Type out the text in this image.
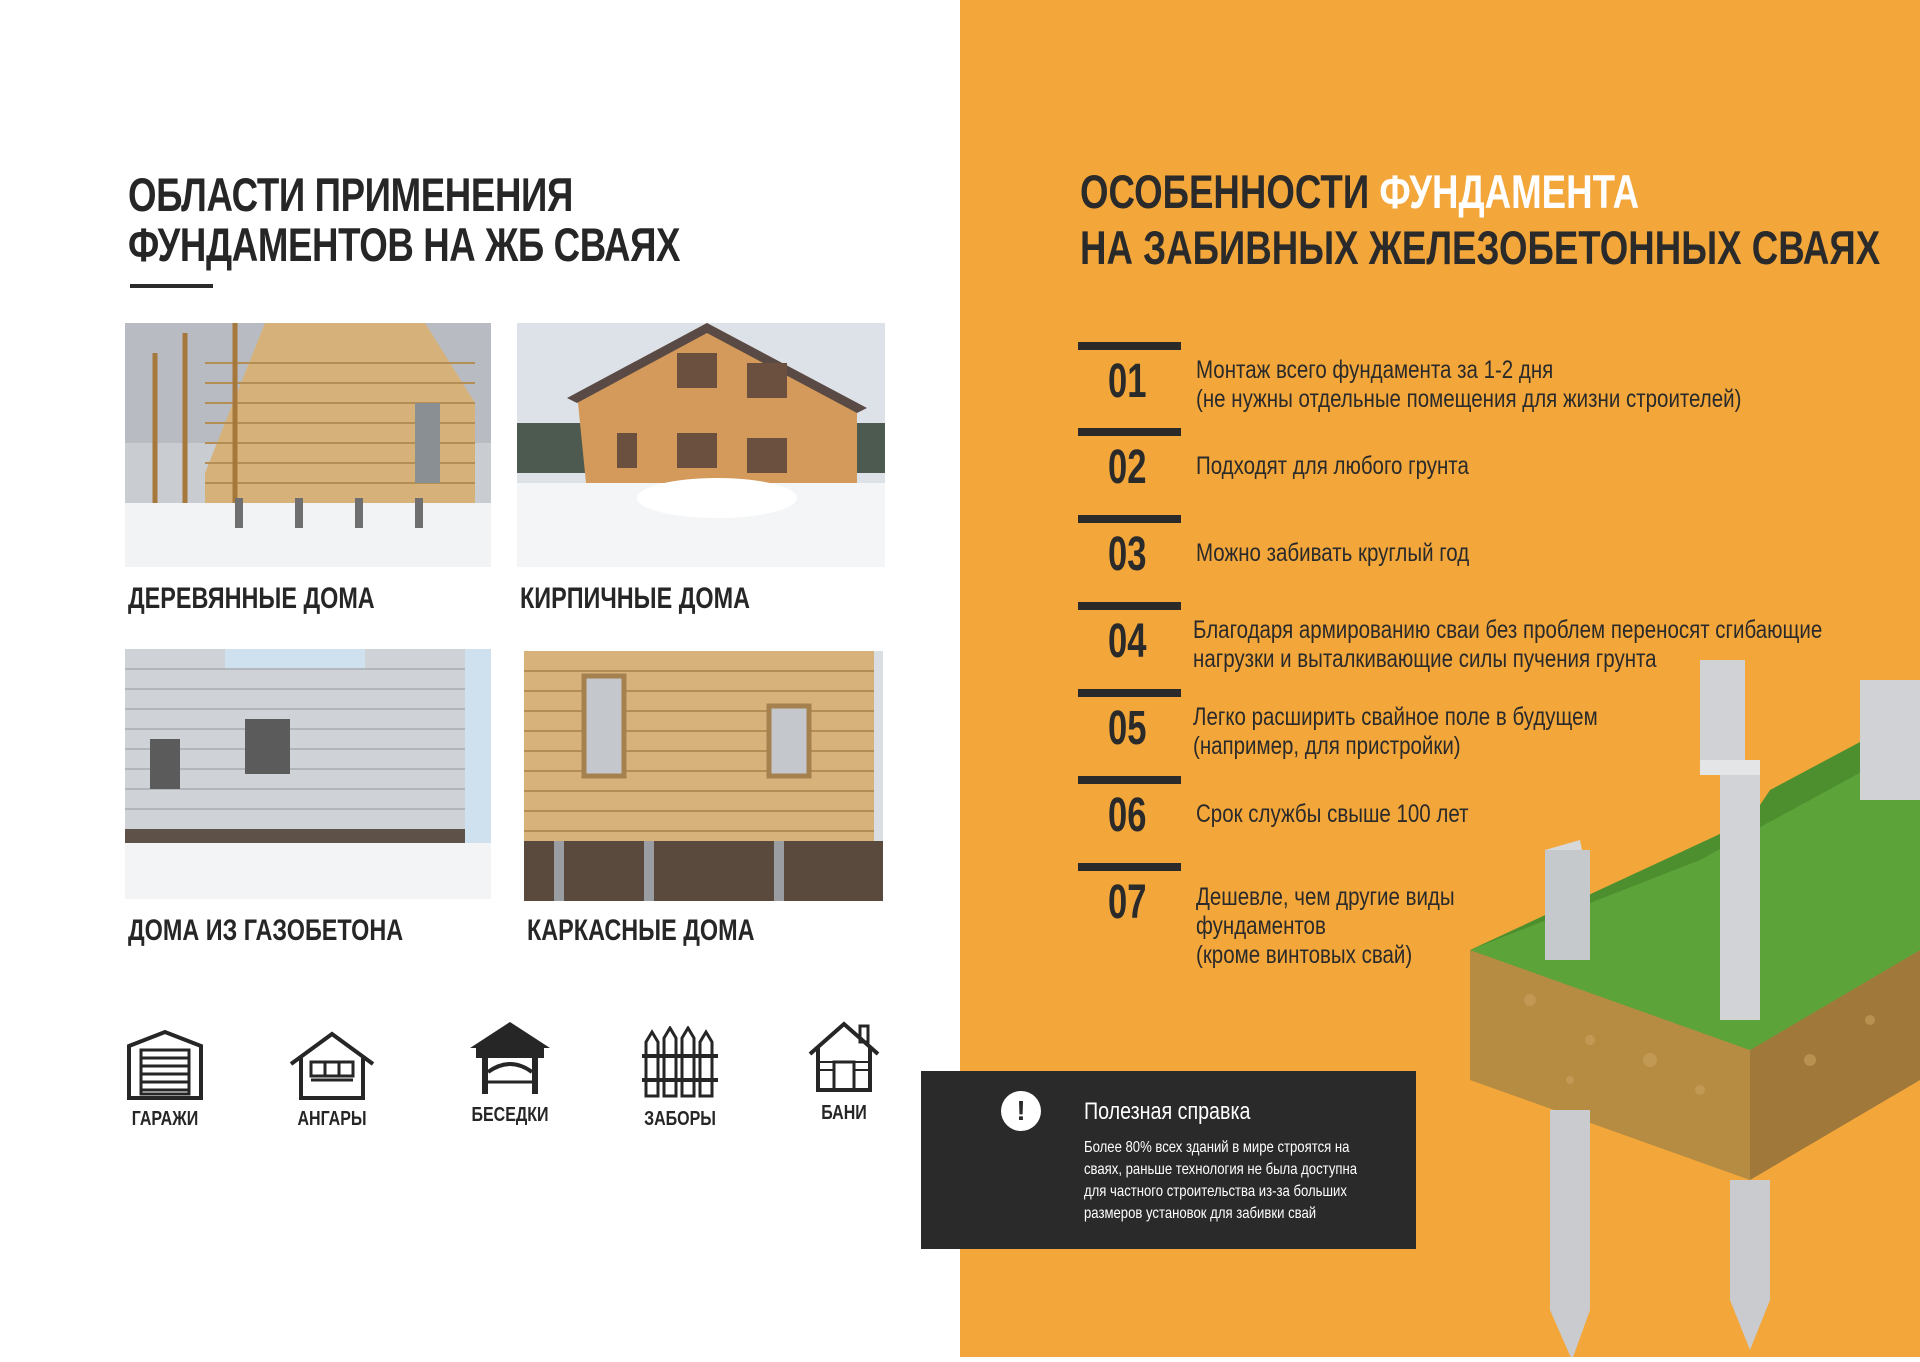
ОБЛАСТИ ПРИМЕНЕНИЯ
ФУНДАМЕНТОВ НА ЖБ СВАЯХ
ДЕРЕВЯННЫЕ ДОМА	КИРПИЧНЫЕ ДОМА
ДОМА ИЗ ГАЗОБЕТОНА	КАРКАСНЫЕ ДОМА
ГАРАЖИ	АНГАРЫ	БЕСЕДКИ	ЗАБОРЫ	БАНИ
ОСОБЕННОСТИ ФУНДАМЕНТА
НА ЗАБИВНЫХ ЖЕЛЕЗОБЕТОННЫХ СВАЯХ
01 Монтаж всего фундамента за 1-2 дня
(не нужны отдельные помещения для жизни строителей)
02 Подходят для любого грунта
03 Можно забивать круглый год
04 Благодаря армированию сваи без проблем переносят сгибающие
нагрузки и выталкивающие силы пучения грунта
05 Легко расширить свайное поле в будущем
(например, для пристройки)
06 Срок службы свыше 100 лет
07 Дешевле, чем другие виды
фундаментов
(кроме винтовых свай)
!	Полезная справка
Более 80% всех зданий в мире строятся на сваях, раньше технология не была доступна для частного строительства из-за больших размеров установок для забивки свай
